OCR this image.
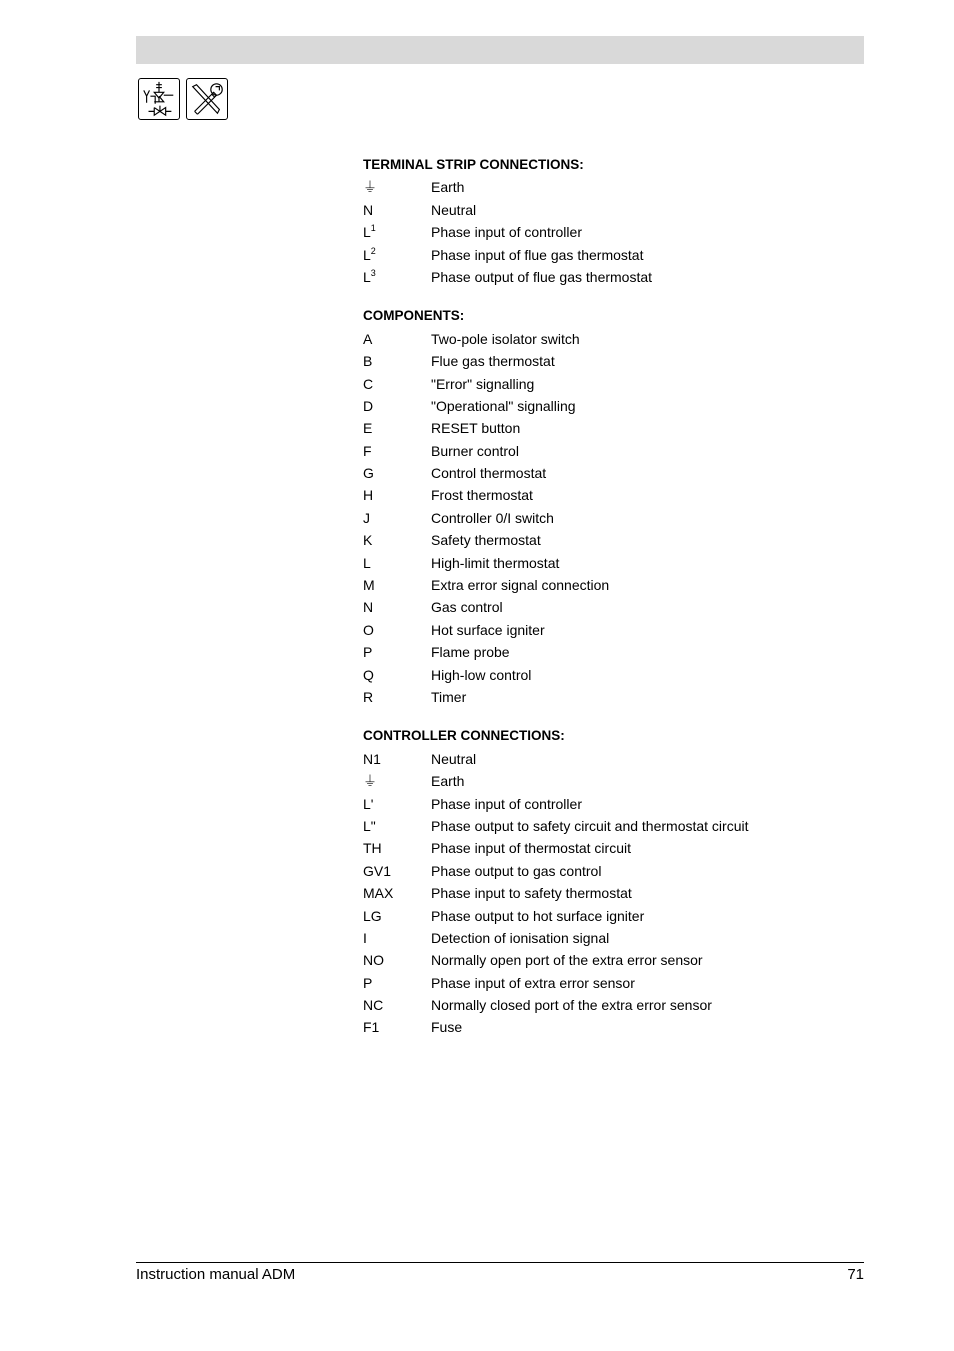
TERMINAL STRIP CONNECTIONS:
⏚	Earth
N	Neutral
$L^1$	Phase input of controller
$L^2$	Phase input of flue gas thermostat
$L^3$	Phase output of flue gas thermostat
COMPONENTS:
A	Two-pole isolator switch
B	Flue gas thermostat
C	"Error" signalling
D	"Operational" signalling
E	RESET button
F	Burner control
G	Control thermostat
H	Frost thermostat
J	Controller 0/I switch
K	Safety thermostat
L	High-limit thermostat
M	Extra error signal connection
N	Gas control
O	Hot surface igniter
P	Flame probe
Q	High-low control
R	Timer
CONTROLLER CONNECTIONS:
N1	Neutral
⏚	Earth
L'	Phase input of controller
L"	Phase output to safety circuit and thermostat circuit
TH	Phase input of thermostat circuit
GV1	Phase output to gas control
MAX	Phase input to safety thermostat
LG	Phase output to hot surface igniter
I	Detection of ionisation signal
NO	Normally open port of the extra error sensor
P	Phase input of extra error sensor
NC	Normally closed port of the extra error sensor
F1	Fuse
Instruction manual ADM	71
